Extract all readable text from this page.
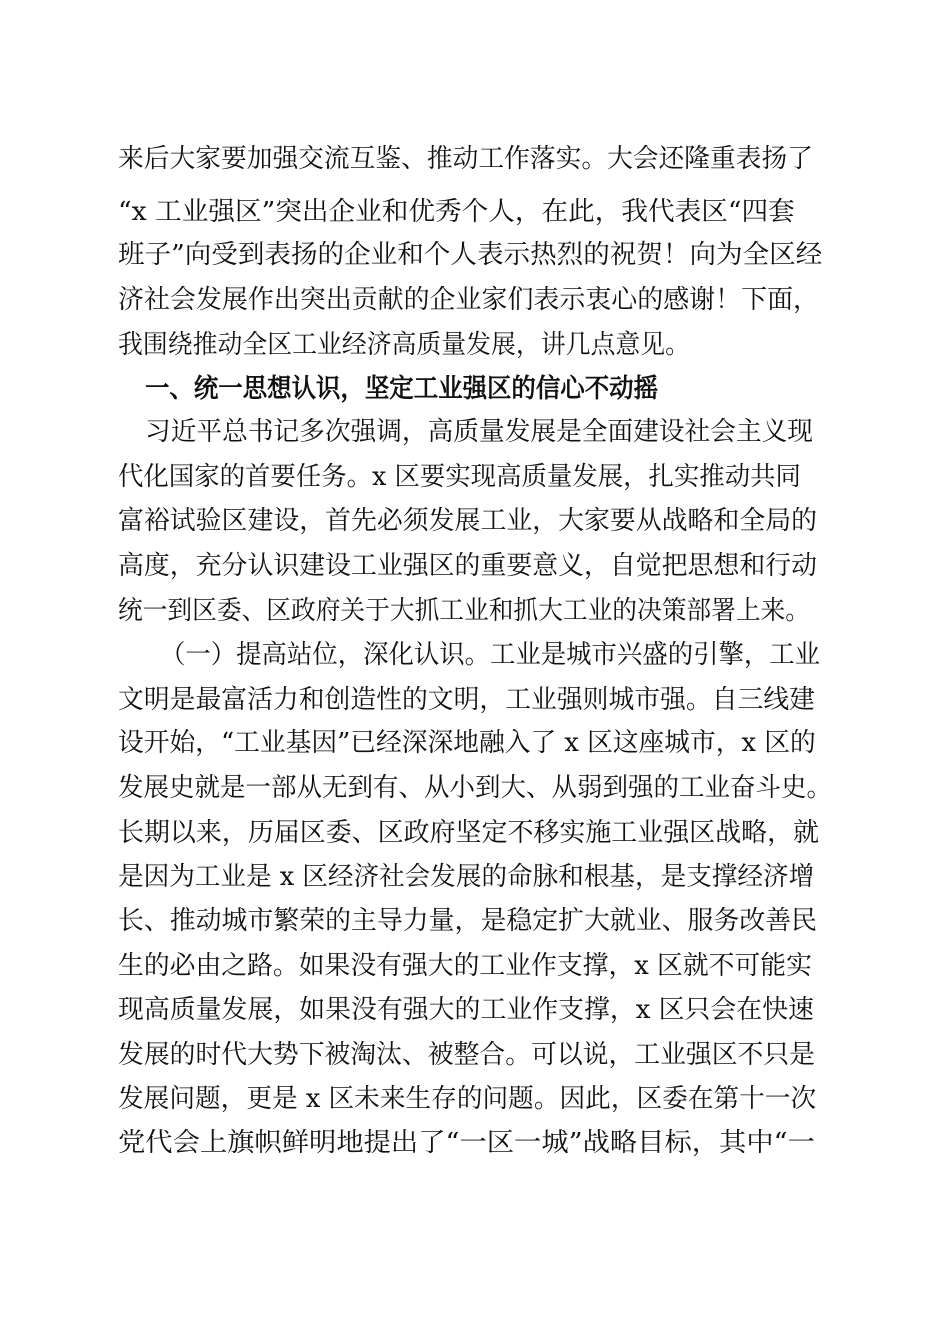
来后大家要加强交流互鉴、推动工作落实。大会还隆重表扬了
“x 工业强区”突出企业和优秀个人，在此，我代表区“四套
班子”向受到表扬的企业和个人表示热烈的祝贺！向为全区经
济社会发展作出突出贡献的企业家们表示衷心的感谢！下面，
我围绕推动全区工业经济高质量发展，讲几点意见。
一、统一思想认识，坚定工业强区的信心不动摇
习近平总书记多次强调，高质量发展是全面建设社会主义现
代化国家的首要任务。x 区要实现高质量发展，扎实推动共同
富裕试验区建设，首先必须发展工业，大家要从战略和全局的
高度，充分认识建设工业强区的重要意义，自觉把思想和行动
统一到区委、区政府关于大抓工业和抓大工业的决策部署上来。
（一）提高站位，深化认识。工业是城市兴盛的引擎，工业
文明是最富活力和创造性的文明，工业强则城市强。自三线建
设开始，“工业基因”已经深深地融入了 x 区这座城市，x 区的
发展史就是一部从无到有、从小到大、从弱到强的工业奋斗史。
长期以来，历届区委、区政府坚定不移实施工业强区战略，就
是因为工业是 x 区经济社会发展的命脉和根基，是支撑经济增
长、推动城市繁荣的主导力量，是稳定扩大就业、服务改善民
生的必由之路。如果没有强大的工业作支撑，x 区就不可能实
现高质量发展，如果没有强大的工业作支撑，x 区只会在快速
发展的时代大势下被淘汰、被整合。可以说，工业强区不只是
发展问题，更是 x 区未来生存的问题。因此，区委在第十一次
党代会上旗帜鲜明地提出了“一区一城”战略目标，其中“一
